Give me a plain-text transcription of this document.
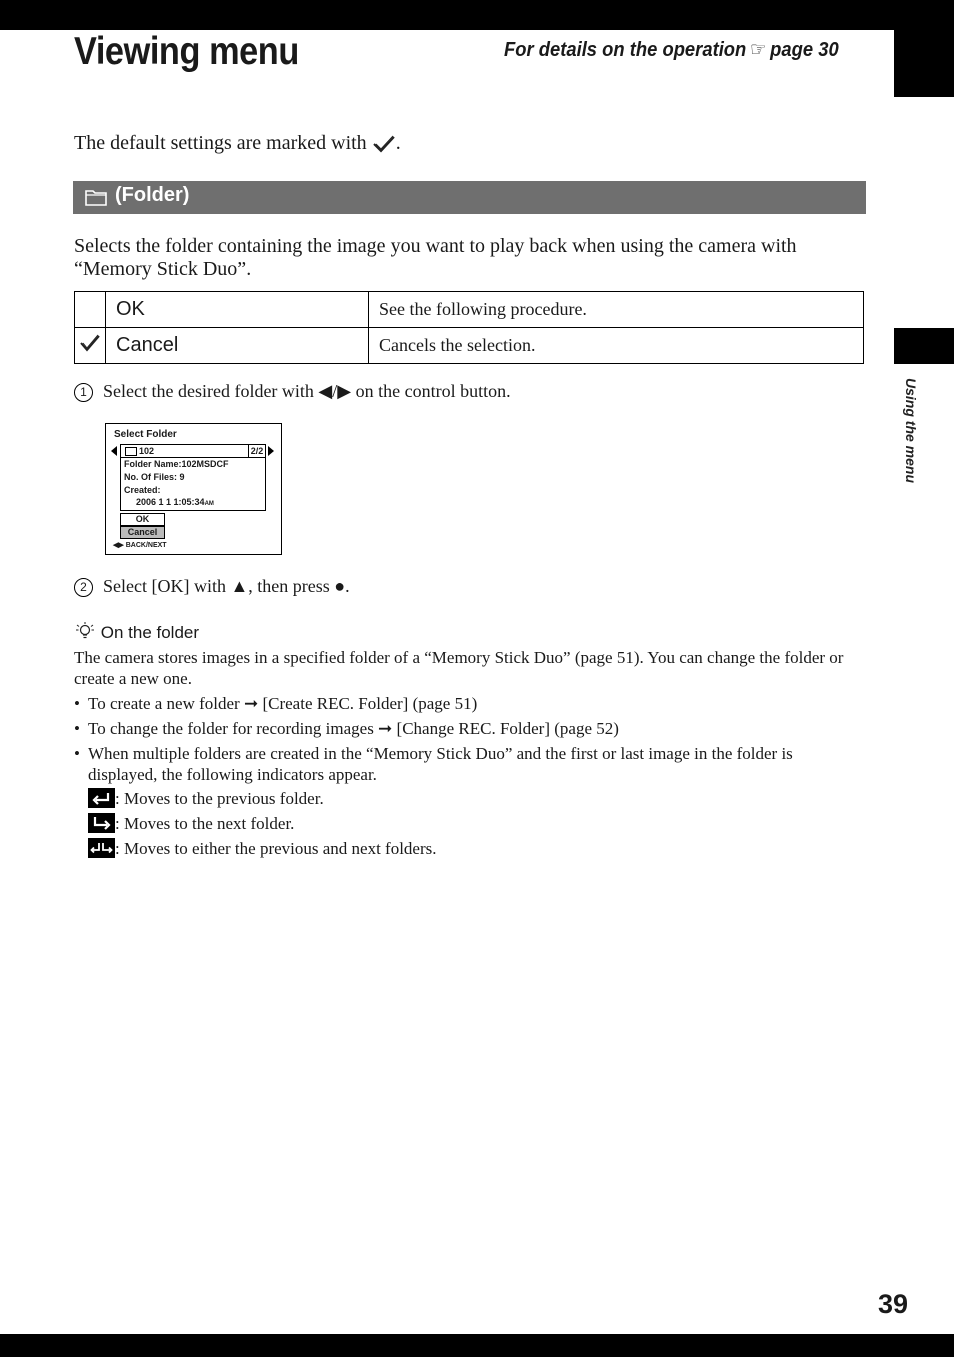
Using the menu
Viewing menu	For details on the operation ☞ page 30
The default settings are marked with .
(Folder)
Selects the folder containing the image you want to play back when using the camera with “Memory Stick Duo”.
	OK	See the following procedure.
	Cancel	Cancels the selection.
1 Select the desired folder with ◀/▶ on the control button.
Select Folder
102	2/2
Folder Name:102MSDCF
No. Of Files: 9
Created:
2006 1 1 1:05:34AM
OK
Cancel
◀▶ BACK/NEXT
2 Select [OK] with ▲, then press ●.
On the folder
The camera stores images in a specified folder of a “Memory Stick Duo” (page 51). You can change the folder or create a new one.
• To create a new folder ➞ [Create REC. Folder] (page 51)
• To change the folder for recording images ➞ [Change REC. Folder] (page 52)
• When multiple folders are created in the “Memory Stick Duo” and the first or last image in the folder is displayed, the following indicators appear.
: Moves to the previous folder.
: Moves to the next folder.
: Moves to either the previous and next folders.
39
